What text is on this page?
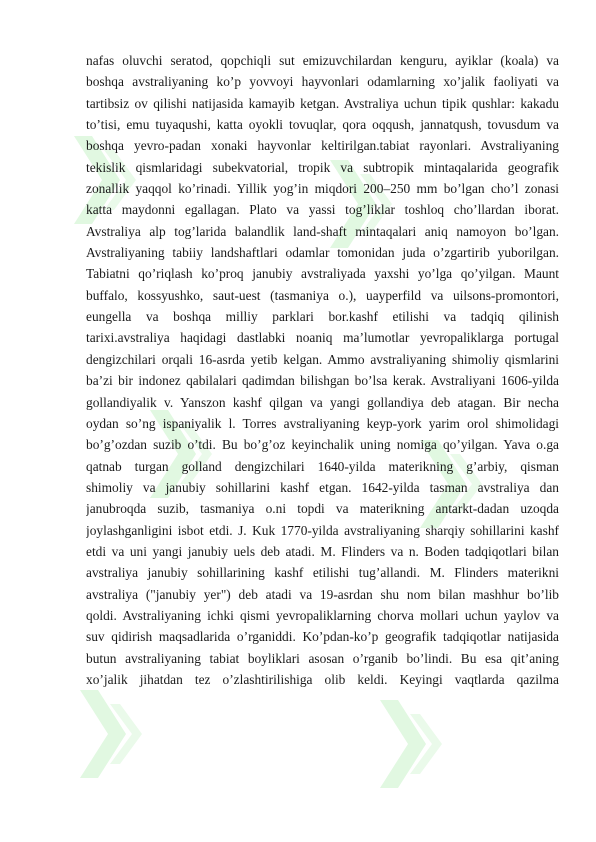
nafas oluvchi seratod, qopchiqli sut emizuvchilardan kenguru, ayiklar (koala) va
boshqa avstraliyaning ko’p yovvoyi hayvonlari odamlarning xo’jalik faoliyati va
tartibsiz ov qilishi natijasida kamayib ketgan. Avstraliya uchun tipik qushlar: kakadu
to’tisi, emu tuyaqushi, katta oyokli tovuqlar, qora oqqush, jannatqush, tovusdum va
boshqa yevro-padan xonaki hayvonlar keltirilgan.tabiat rayonlari. Avstraliyaning
tekislik qismlaridagi subekvatorial, tropik va subtropik mintaqalarida geografik
zonallik yaqqol ko’rinadi. Yillik yog’in miqdori 200–250 mm bo’lgan cho’l zonasi
katta maydonni egallagan. Plato va yassi tog’liklar toshloq cho’llardan iborat.
Avstraliya alp tog’larida balandlik land-shaft mintaqalari aniq namoyon bo’lgan.
Avstraliyaning tabiiy landshaftlari odamlar tomonidan juda o’zgartirib yuborilgan.
Tabiatni qo’riqlash ko’proq janubiy avstraliyada yaxshi yo’lga qo’yilgan. Maunt
buffalo, kossyushko, saut-uest (tasmaniya o.), uayperfild va uilsons-promontori,
eungella va boshqa milliy parklari bor.kashf etilishi va tadqiq qilinish
tarixi.avstraliya haqidagi dastlabki noaniq ma’lumotlar yevropaliklarga portugal
dengizchilari orqali 16-asrda yetib kelgan. Ammo avstraliyaning shimoliy qismlarini
ba’zi bir indonez qabilalari qadimdan bilishgan bo’lsa kerak. Avstraliyani 1606-yilda
gollandiyalik v. Yanszon kashf qilgan va yangi gollandiya deb atagan. Bir necha
oydan so’ng ispaniyalik l. Torres avstraliyaning keyp-york yarim orol shimolidagi
bo’g’ozdan suzib o’tdi. Bu bo’g’oz keyinchalik uning nomiga qo’yilgan. Yava o.ga
qatnab turgan golland dengizchilari 1640-yilda materikning g’arbiy, qisman
shimoliy va janubiy sohillarini kashf etgan. 1642-yilda tasman avstraliya dan
janubroqda suzib, tasmaniya o.ni topdi va materikning antarkt-dadan uzoqda
joylashganligini isbot etdi. J. Kuk 1770-yilda avstraliyaning sharqiy sohillarini kashf
etdi va uni yangi janubiy uels deb atadi. M. Flinders va n. Boden tadqiqotlari bilan
avstraliya janubiy sohillarining kashf etilishi tug’allandi. M. Flinders materikni
avstraliya ("janubiy yer") deb atadi va 19-asrdan shu nom bilan mashhur bo’lib
qoldi. Avstraliyaning ichki qismi yevropaliklarning chorva mollari uchun yaylov va
suv qidirish maqsadlarida o’rganiddi. Ko’pdan-ko’p geografik tadqiqotlar natijasida
butun avstraliyaning tabiat boyliklari asosan o’rganib bo’lindi. Bu esa qit’aning
xo’jalik jihatdan tez o’zlashtirilishiga olib keldi. Keyingi vaqtlarda qazilma
